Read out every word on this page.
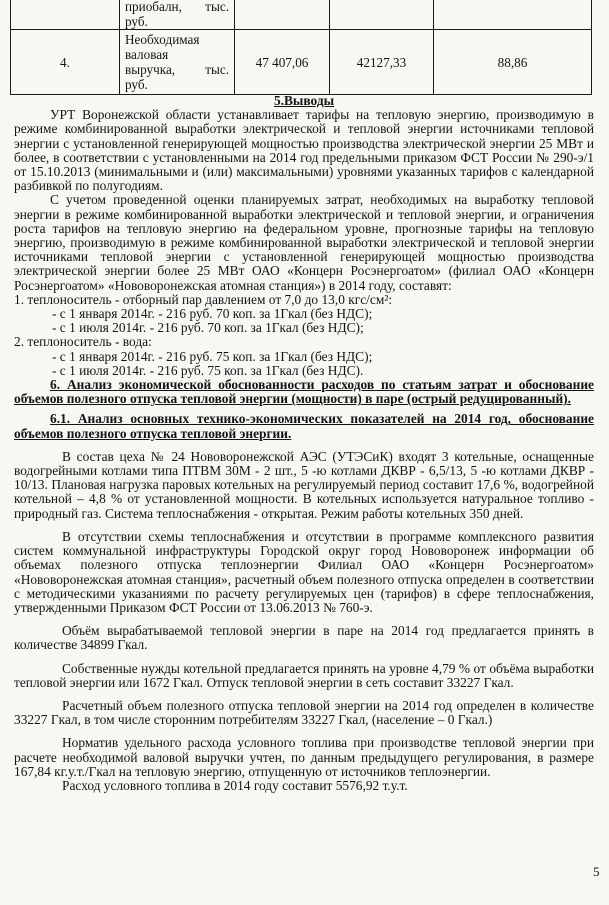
	приобалн, тыс.
руб.			

4.	Необходимая
валовая
выручка, тыс.
руб.	47 407,06	42127,33	88,86

5.Выводы

УРТ Воронежской области устанавливает тарифы на тепловую энергию, производимую в режиме комбинированной выработки электрической и тепловой энергии источниками тепловой энергии с установленной генерирующей мощностью производства электрической энергии 25 МВт и более, в соответствии с установленными на 2014 год предельными приказом ФСТ России № 290-э/1 от 15.10.2013 (минимальными и (или) максимальными) уровнями указанных тарифов с календарной разбивкой по полугодиям.

С учетом проведенной оценки планируемых затрат, необходимых на выработку тепловой энергии в режиме комбинированной выработки электрической и тепловой энергии, и ограничения роста тарифов на тепловую энергию на федеральном уровне, прогнозные тарифы на тепловую энергию, производимую в режиме комбинированной выработки электрической и тепловой энергии источниками тепловой энергии с установленной генерирующей мощностью производства электрической энергии более 25 МВт ОАО «Концерн Росэнергоатом» (филиал ОАО «Концерн Росэнергоатом» «Нововоронежская атомная станция») в 2014 году, составят:

1. теплоноситель - отборный пар давлением от 7,0 до 13,0 кгс/см²:

- с 1 января 2014г. - 216 руб. 70 коп. за 1Гкал (без НДС);

- с 1 июля 2014г. - 216 руб. 70 коп. за 1Гкал (без НДС);

2. теплоноситель - вода:

- с 1 января 2014г. - 216 руб. 75 коп. за 1Гкал (без НДС);

- с 1 июля 2014г. - 216 руб. 75 коп. за 1Гкал (без НДС).

6. Анализ экономической обоснованности расходов по статьям затрат и обоснование объемов полезного отпуска тепловой энергии (мощности) в паре (острый редуцированный).

6.1. Анализ основных технико-экономических показателей на 2014 год, обоснование объемов полезного отпуска тепловой энергии.

В состав цеха № 24 Нововоронежской АЭС (УТЭСиК) входят 3 котельные, оснащенные водогрейными котлами типа ПТВМ 30М - 2 шт., 5 -ю котлами ДКВР - 6,5/13, 5 -ю котлами ДКВР - 10/13. Плановая нагрузка паровых котельных на регулируемый период составит 17,6 %, водогрейной котельной – 4,8 % от установленной мощности. В котельных используется натуральное топливо - природный газ. Система теплоснабжения - открытая. Режим работы котельных 350 дней.

В отсутствии схемы теплоснабжения и отсутствии в программе комплексного развития систем коммунальной инфраструктуры Городской округ город Нововоронеж информации об объемах полезного отпуска теплоэнергии Филиал ОАО «Концерн Росэнергоатом» «Нововоронежская атомная станция», расчетный объем полезного отпуска определен в соответствии с методическими указаниями по расчету регулируемых цен (тарифов) в сфере теплоснабжения, утвержденными Приказом ФСТ России от 13.06.2013 № 760-э.

Объём вырабатываемой тепловой энергии в паре на 2014 год предлагается принять в количестве 34899 Гкал.

Собственные нужды котельной предлагается принять на уровне 4,79 % от объёма выработки тепловой энергии или 1672 Гкал. Отпуск тепловой энергии в сеть составит 33227 Гкал.

Расчетный объем полезного отпуска тепловой энергии на 2014 год определен в количестве 33227 Гкал, в том числе сторонним потребителям 33227 Гкал, (население – 0 Гкал.)

Норматив удельного расхода условного топлива при производстве тепловой энергии при расчете необходимой валовой выручки учтен, по данным предыдущего регулирования, в размере 167,84 кг.у.т./Гкал на тепловую энергию, отпущенную от источников теплоэнергии.

Расход условного топлива в 2014 году составит 5576,92 т.у.т.

5
